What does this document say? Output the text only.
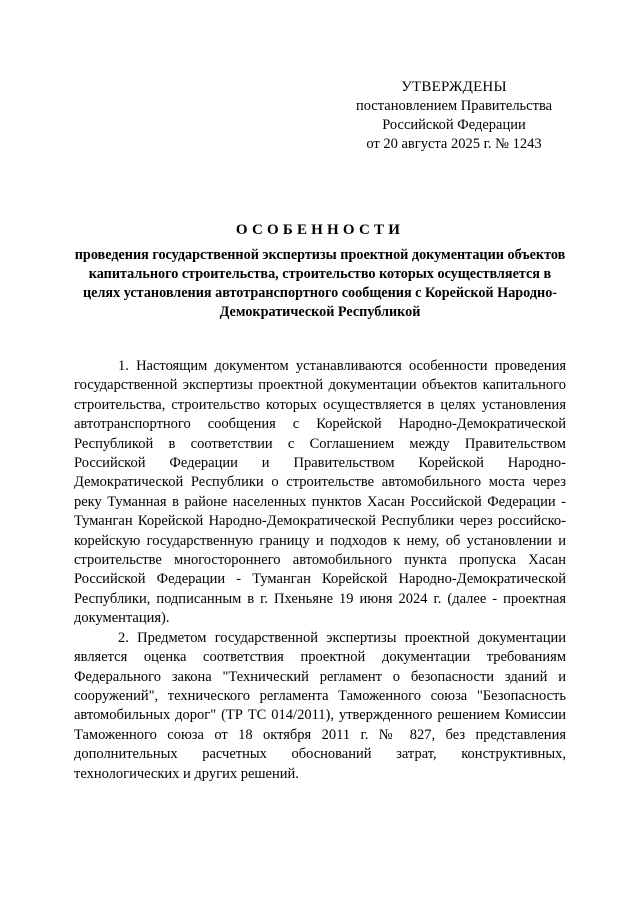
УТВЕРЖДЕНЫ
постановлением Правительства
Российской Федерации
от 20 августа 2025 г. № 1243
ОСОБЕННОСТИ
проведения государственной экспертизы проектной документации объектов капитального строительства, строительство которых осуществляется в целях установления автотранспортного сообщения с Корейской Народно-Демократической Республикой

1. Настоящим документом устанавливаются особенности проведения государственной экспертизы проектной документации объектов капитального строительства, строительство которых осуществляется в целях установления автотранспортного сообщения с Корейской Народно-Демократической Республикой в соответствии с Соглашением между Правительством Российской Федерации и Правительством Корейской Народно-Демократической Республики о строительстве автомобильного моста через реку Туманная в районе населенных пунктов Хасан Российской Федерации - Туманган Корейской Народно-Демократической Республики через российско-корейскую государственную границу и подходов к нему, об установлении и строительстве многостороннего автомобильного пункта пропуска Хасан Российской Федерации - Туманган Корейской Народно-Демократической Республики, подписанным в г. Пхеньяне 19 июня 2024 г. (далее - проектная документация).

2. Предметом государственной экспертизы проектной документации является оценка соответствия проектной документации требованиям Федерального закона "Технический регламент о безопасности зданий и сооружений", технического регламента Таможенного союза "Безопасность автомобильных дорог" (ТР ТС 014/2011), утвержденного решением Комиссии Таможенного союза от 18 октября 2011 г. № 827, без представления дополнительных расчетных обоснований затрат, конструктивных, технологических и других решений.
